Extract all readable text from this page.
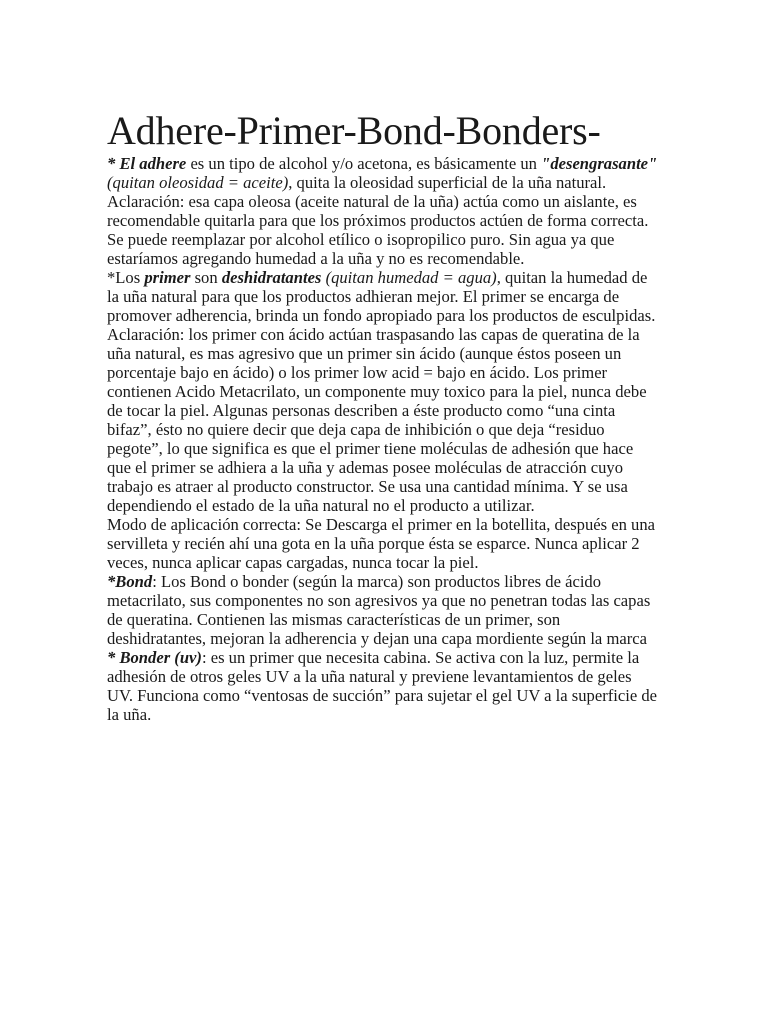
Adhere-Primer-Bond-Bonders-

* El adhere es un tipo de alcohol y/o acetona, es básicamente un "desengrasante" (quitan oleosidad = aceite), quita la oleosidad superficial de la uña natural. Aclaración: esa capa oleosa (aceite natural de la uña) actúa como un aislante, es recomendable quitarla para que los próximos productos actúen de forma correcta. Se puede reemplazar por alcohol etílico o isopropilico puro. Sin agua ya que estaríamos agregando humedad a la uña y no es recomendable.

*Los primer son deshidratantes (quitan humedad = agua), quitan la humedad de la uña natural para que los productos adhieran mejor. El primer se encarga de promover adherencia, brinda un fondo apropiado para los productos de esculpidas. Aclaración: los primer con ácido actúan traspasando las capas de queratina de la uña natural, es mas agresivo que un primer sin ácido (aunque éstos poseen un porcentaje bajo en ácido) o los primer low acid = bajo en ácido. Los primer contienen Acido Metacrilato, un componente muy toxico para la piel, nunca debe de tocar la piel. Algunas personas describen a éste producto como “una cinta bifaz”, ésto no quiere decir que deja capa de inhibición o que deja “residuo pegote”, lo que significa es que el primer tiene moléculas de adhesión que hace que el primer se adhiera a la uña y ademas posee moléculas de atracción cuyo trabajo es atraer al producto constructor. Se usa una cantidad mínima. Y se usa dependiendo el estado de la uña natural no el producto a utilizar.

Modo de aplicación correcta: Se Descarga el primer en la botellita, después en una servilleta y recién ahí una gota en la uña porque ésta se esparce. Nunca aplicar 2 veces, nunca aplicar capas cargadas, nunca tocar la piel.

*Bond: Los Bond o bonder (según la marca) son productos libres de ácido metacrilato, sus componentes no son agresivos ya que no penetran todas las capas de queratina. Contienen las mismas características de un primer, son deshidratantes, mejoran la adherencia y dejan una capa mordiente según la marca

* Bonder (uv): es un primer que necesita cabina. Se activa con la luz, permite la adhesión de otros geles UV a la uña natural y previene levantamientos de geles UV. Funciona como “ventosas de succión” para sujetar el gel UV a la superficie de la uña.
